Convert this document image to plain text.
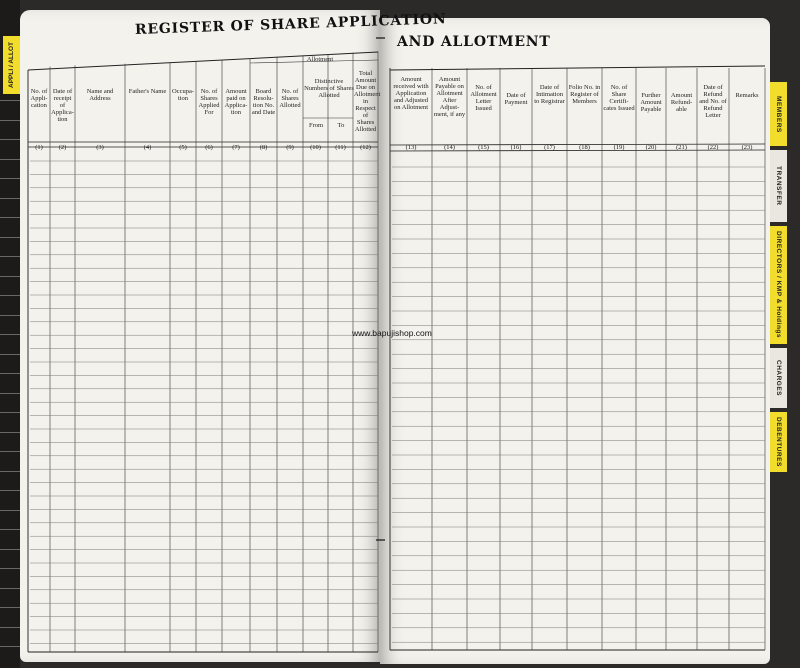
APPLI / ALLOT
REGISTER OF SHARE APPLICATION
AND ALLOTMENT
Allotment
No. of Appli-cation
(1)
Date of receipt of Applica-tion
(2)
Name and Address
(3)
Father's Name
(4)
Occupa-tion
(5)
No. of Shares Applied For
(6)
Amount paid on Applica-tion
(7)
Board Resolu-tion No. and Date
(8)
No. of Shares Allotted
(9)
Distinctive Numbers of Shares Allotted
(10)	(11)
Total Amount Due on Allotment in Respect of Shares Allotted
(12)
From	To
Amount received with Application and Adjusted on Allotment
(13)
Amount Payable on Allotment After Adjust-ment, if any
(14)
No. of Allotment Letter Issued
(15)
Date of Payment
(16)
Date of Intimation to Registrar
(17)
Folio No. in Register of Members
(18)
No. of Share Certifi-cates Issued
(19)
Further Amount Payable
(20)
Amount Refund-able
(21)
Date of Refund and No. of Refund Letter
(22)
Remarks
(23)
www.bapujishop.com
MEMBERS
TRANSFER
DIRECTORS / KMP & Holdings
CHARGES
DEBENTURES
